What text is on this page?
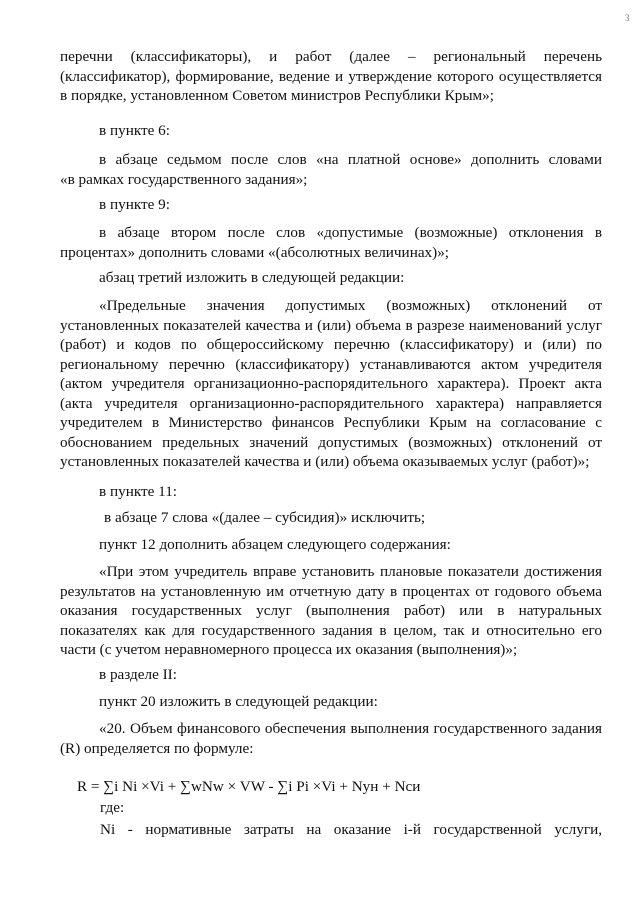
3
перечни (классификаторы), и работ (далее – региональный перечень
(классификатор), формирование, ведение и утверждение которого осуществляется
в порядке, установленном Советом министров Республики Крым»;
в пункте 6:
в абзаце седьмом после слов «на платной основе» дополнить словами
«в рамках государственного задания»;
в пункте 9:
в абзаце втором после слов «допустимые (возможные) отклонения в
процентах» дополнить словами «(абсолютных величинах)»;
абзац третий изложить в следующей редакции:
«Предельные значения допустимых (возможных) отклонений от
установленных показателей качества и (или) объема в разрезе наименований услуг
(работ) и кодов по общероссийскому перечню (классификатору) и (или) по
региональному перечню (классификатору) устанавливаются актом учредителя
(актом учредителя организационно-распорядительного характера). Проект акта
(акта учредителя организационно-распорядительного характера) направляется
учредителем в Министерство финансов Республики Крым на согласование с
обоснованием предельных значений допустимых (возможных) отклонений от
установленных показателей качества и (или) объема оказываемых услуг (работ)»;
в пункте 11:
в абзаце 7 слова «(далее – субсидия)» исключить;
пункт 12 дополнить абзацем следующего содержания:
«При этом учредитель вправе установить плановые показатели достижения
результатов на установленную им отчетную дату в процентах от годового объема
оказания государственных услуг (выполнения работ) или в натуральных
показателях как для государственного задания в целом, так и относительно его
части (с учетом неравномерного процесса их оказания (выполнения)»;
в разделе II:
пункт 20 изложить в следующей редакции:
«20. Объем финансового обеспечения выполнения государственного задания
(R) определяется по формуле:
R = ∑i Ni ×Vi + ∑wNw × VW - ∑i Pi ×Vi + Nун + Nси
где:
Ni - нормативные затраты на оказание i-й государственной услуги,
